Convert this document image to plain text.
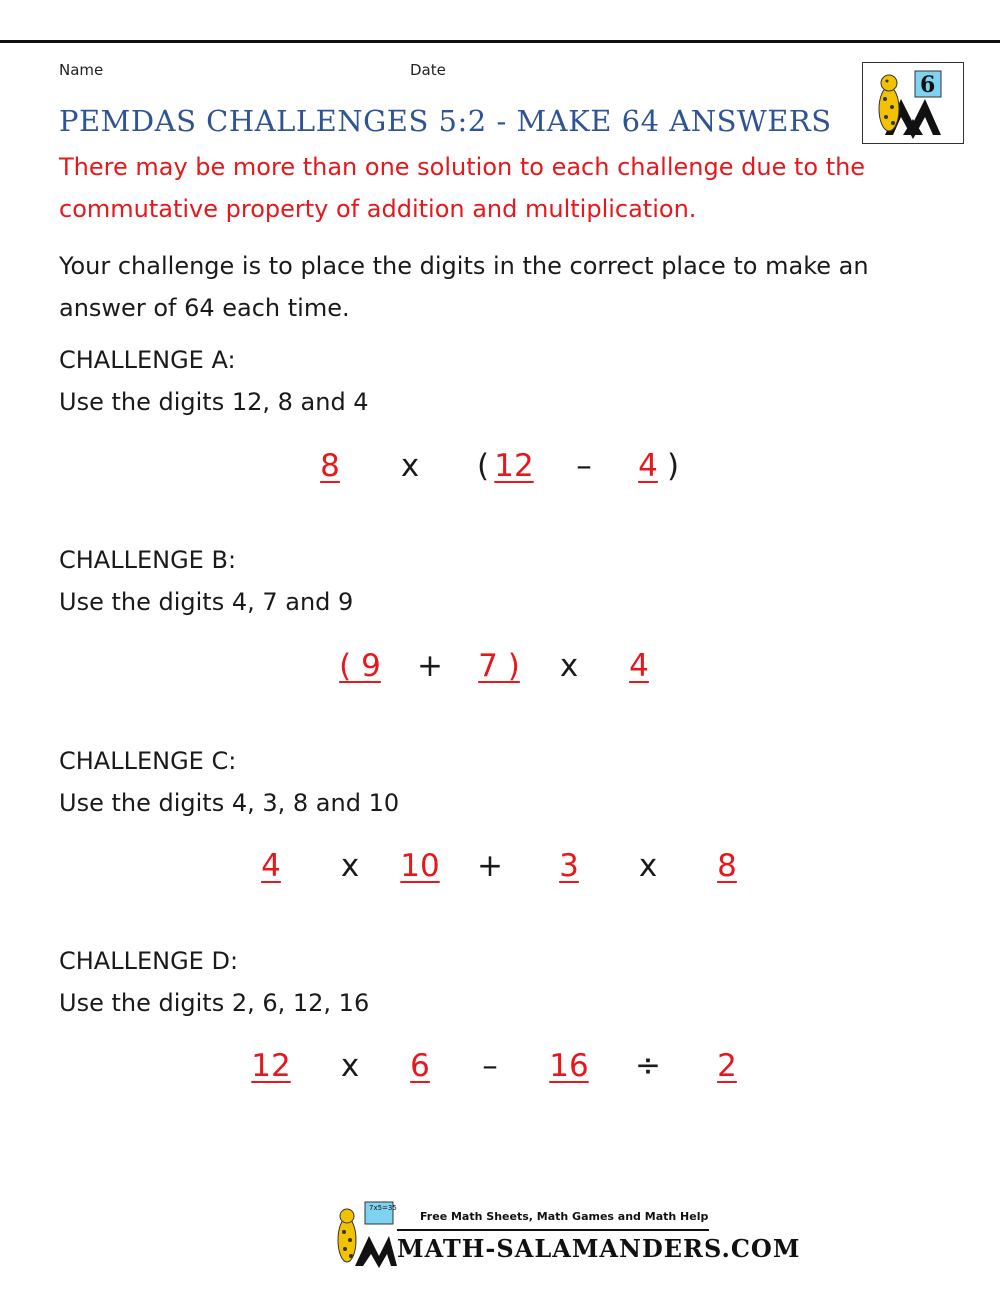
Name	Date
6
PEMDAS CHALLENGES 5:2 - MAKE 64 ANSWERS
There may be more than one solution to each challenge due to the commutative property of addition and multiplication.
Your challenge is to place the digits in the correct place to make an answer of 64 each time.
CHALLENGE A:
Use the digits 12, 8 and 4
8 x ( 12 – 4 )
CHALLENGE B:
Use the digits 4, 7 and 9
( 9 + 7 ) x 4
CHALLENGE C:
Use the digits 4, 3, 8 and 10
4 x 10 + 3 x 8
CHALLENGE D:
Use the digits 2, 6, 12, 16
12 x 6 – 16 ÷ 2
7x5=35
Free Math Sheets, Math Games and Math Help
MATH-SALAMANDERS.COM
